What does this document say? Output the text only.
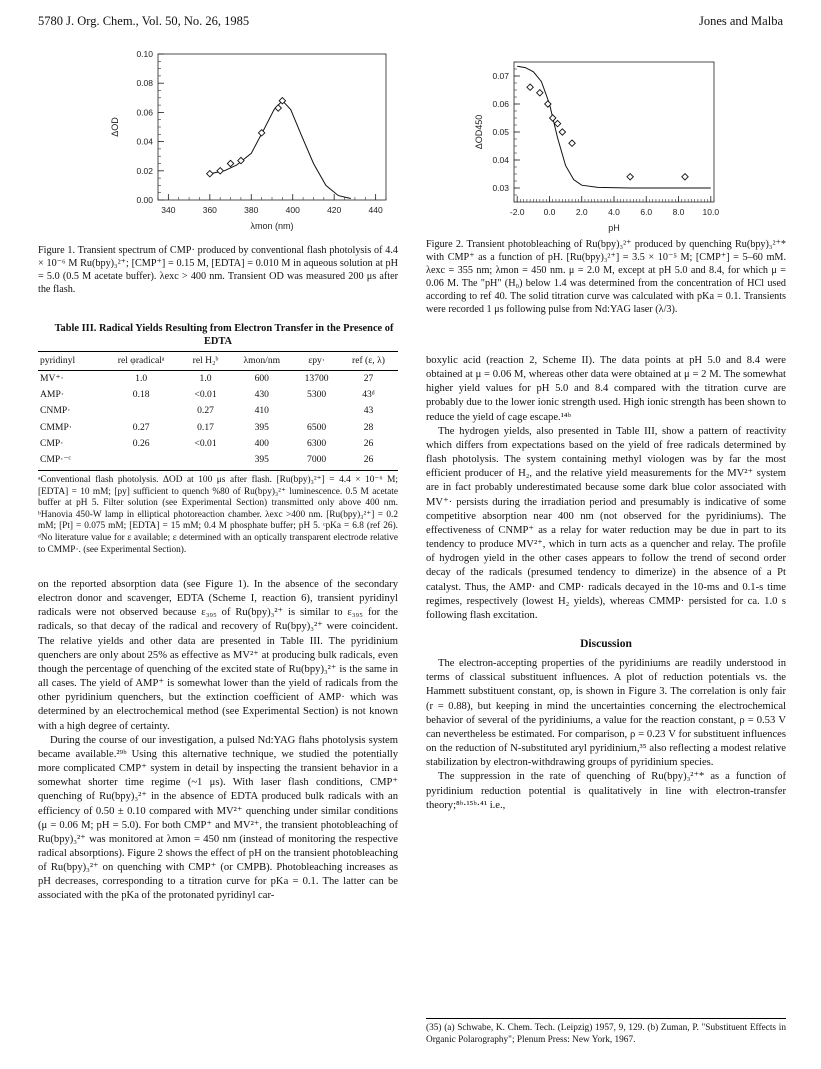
5780 J. Org. Chem., Vol. 50, No. 26, 1985	Jones and Malba
340	360	380	400	420	440
0.00
0.02
0.04
0.06
0.08
0.10
λmon (nm)
ΔOD
Figure 1. Transient spectrum of CMP· produced by conventional flash photolysis of 4.4 × 10⁻⁶ M Ru(bpy)₃²⁺; [CMP⁺] = 0.15 M, [EDTA] = 0.010 M in aqueous solution at pH = 5.0 (0.5 M acetate buffer). λexc > 400 nm. Transient OD was measured 200 μs after the flash.

Table III. Radical Yields Resulting from Electron Transfer in the Presence of EDTA

pyridinyl	rel φradicalᵃ	rel H₂ᵇ	λmon/nm	εpy·	ref (ε, λ)
MV⁺·	1.0	1.0	600	13700	27
AMP·	0.18	<0.01	430	5300	43ᵈ
CNMP·		0.27	410		43
CMMP·	0.27	0.17	395	6500	28
CMP·	0.26	<0.01	400	6300	26
CMP·⁻ᶜ			395	7000	26
ᵃConventional flash photolysis. ΔOD at 100 μs after flash. [Ru(bpy)₃²⁺] = 4.4 × 10⁻⁶ M; [EDTA] = 10 mM; [py] sufficient to quench %80 of Ru(bpy)₃²⁺ luminescence. 0.5 M acetate buffer at pH 5. Filter solution (see Experimental Section) transmitted only above 400 nm. ᵇHanovia 450-W lamp in elliptical photoreaction chamber. λexc >400 nm. [Ru(bpy)₃²⁺] = 0.2 mM; [Pt] = 0.075 mM; [EDTA] = 15 mM; 0.4 M phosphate buffer; pH 5. ᶜpKa = 6.8 (ref 26). ᵈNo literature value for ε available; ε determined with an optically transparent electrode relative to CMMP·. (see Experimental Section).

on the reported absorption data (see Figure 1). In the absence of the secondary electron donor and scavenger, EDTA (Scheme I, reaction 6), transient pyridinyl radicals were not observed because ε₃₉₅ of Ru(bpy)₃²⁺ is similar to ε₃₉₅ for the radicals, so that decay of the radical and recovery of Ru(bpy)₃²⁺ were coincident. The relative yields and other data are presented in Table III. The pyridinium quenchers are only about 25% as effective as MV²⁺ at producing bulk radicals, even though the percentage of quenching of the excited state of Ru(bpy)₃²⁺ is the same in all cases. The yield of AMP⁺ is somewhat lower than the yield of radicals from the other pyridinium quenchers, but the extinction coefficient of AMP· which was determined by an electrochemical method (see Experimental Section) is not known with a high degree of certainty.

During the course of our investigation, a pulsed Nd:YAG flahs photolysis system became available.²⁹ᵇ Using this alternative technique, we studied the potentially more complicated CMP⁺ system in detail by inspecting the transient behavior in a somewhat shorter time regime (~1 μs). With laser flash conditions, CMP⁺ quenching of Ru(bpy)₃²⁺ in the absence of EDTA produced bulk radicals with an efficiency of 0.50 ± 0.10 compared with MV²⁺ quenching under similar conditions (μ = 0.06 M; pH = 5.0). For both CMP⁺ and MV²⁺, the transient photobleaching of Ru(bpy)₃²⁺ was monitored at λmon = 450 nm (instead of monitoring the respective radical absorptions). Figure 2 shows the effect of pH on the transient photobleaching of Ru(bpy)₃²⁺ on quenching with CMP⁺ (or CMPB). Photobleaching increases as pH decreases, corresponding to a titration curve for pKa = 0.1. The latter can be associated with the pKa of the protonated pyridinyl car-

-2.0 0.0 2.0 4.0 6.0 8.0 10.0
0.03
0.04
0.05
0.06
0.07
pH
ΔOD450
Figure 2. Transient photobleaching of Ru(bpy)₃²⁺ produced by quenching Ru(bpy)₃²⁺* with CMP⁺ as a function of pH. [Ru(bpy)₃²⁺] = 3.5 × 10⁻⁵ M; [CMP⁺] = 5–60 mM. λexc = 355 nm; λmon = 450 nm. μ = 2.0 M, except at pH 5.0 and 8.4, for which μ = 0.06 M. The "pH" (H₀) below 1.4 was determined from the concentration of HCl used according to ref 40. The solid titration curve was calculated with pKa = 0.1. Transients were recorded 1 μs following pulse from Nd:YAG laser (λ/3).

boxylic acid (reaction 2, Scheme II). The data points at pH 5.0 and 8.4 were obtained at μ = 0.06 M, whereas other data were obtained at μ = 2 M. The somewhat higher yield values for pH 5.0 and 8.4 compared with the titration curve are probably due to the lower ionic strength used. High ionic strength has been shown to reduce the yield of cage escape.¹⁴ᵇ

The hydrogen yields, also presented in Table III, show a pattern of reactivity which differs from expectations based on the yield of free radicals determined by flash photolysis. The system containing methyl viologen was by far the most efficient producer of H₂, and the relative yield measurements for the MV²⁺ system are in fact probably underestimated because some dark blue color associated with MV⁺· persists during the irradiation period and presumably is indicative of some competitive absorption near 400 nm (not observed for the pyridiniums). The effectiveness of CNMP⁺ as a relay for water reduction may be due in part to its tendency to produce MV²⁺, which in turn acts as a quencher and relay. The profile of hydrogen yield in the other cases appears to follow the trend of second order decay of the radicals (presumed tendency to dimerize) in the absence of a Pt catalyst. Thus, the AMP· and CMP· radicals decayed in the 10-ms and 0.1-s time regimes, respectively (lowest H₂ yields), whereas CMMP· persisted for ca. 1.0 s following flash excitation.

Discussion

The electron-accepting properties of the pyridiniums are readily understood in terms of classical substituent influences. A plot of reduction potentials vs. the Hammett substituent constant, σp, is shown in Figure 3. The correlation is only fair (r = 0.88), but keeping in mind the uncertainties concerning the electrochemical behavior of several of the pyridiniums, a value for the reaction constant, ρ = 0.53 V can nevertheless be estimated. For comparison, ρ = 0.23 V for substituent influences on the reduction of N-substituted aryl pyridinium,³⁵ also reflecting a modest relative stabilization by electron-withdrawing groups of pyridinium species.

The suppression in the rate of quenching of Ru(bpy)₃²⁺* as a function of pyridinium reduction potential is qualitatively in line with electron-transfer theory;⁸ᵇ·¹⁵ᵇ·⁴¹ i.e.,

(35) (a) Schwabe, K. Chem. Tech. (Leipzig) 1957, 9, 129. (b) Zuman, P. "Substituent Effects in Organic Polarography"; Plenum Press: New York, 1967.
